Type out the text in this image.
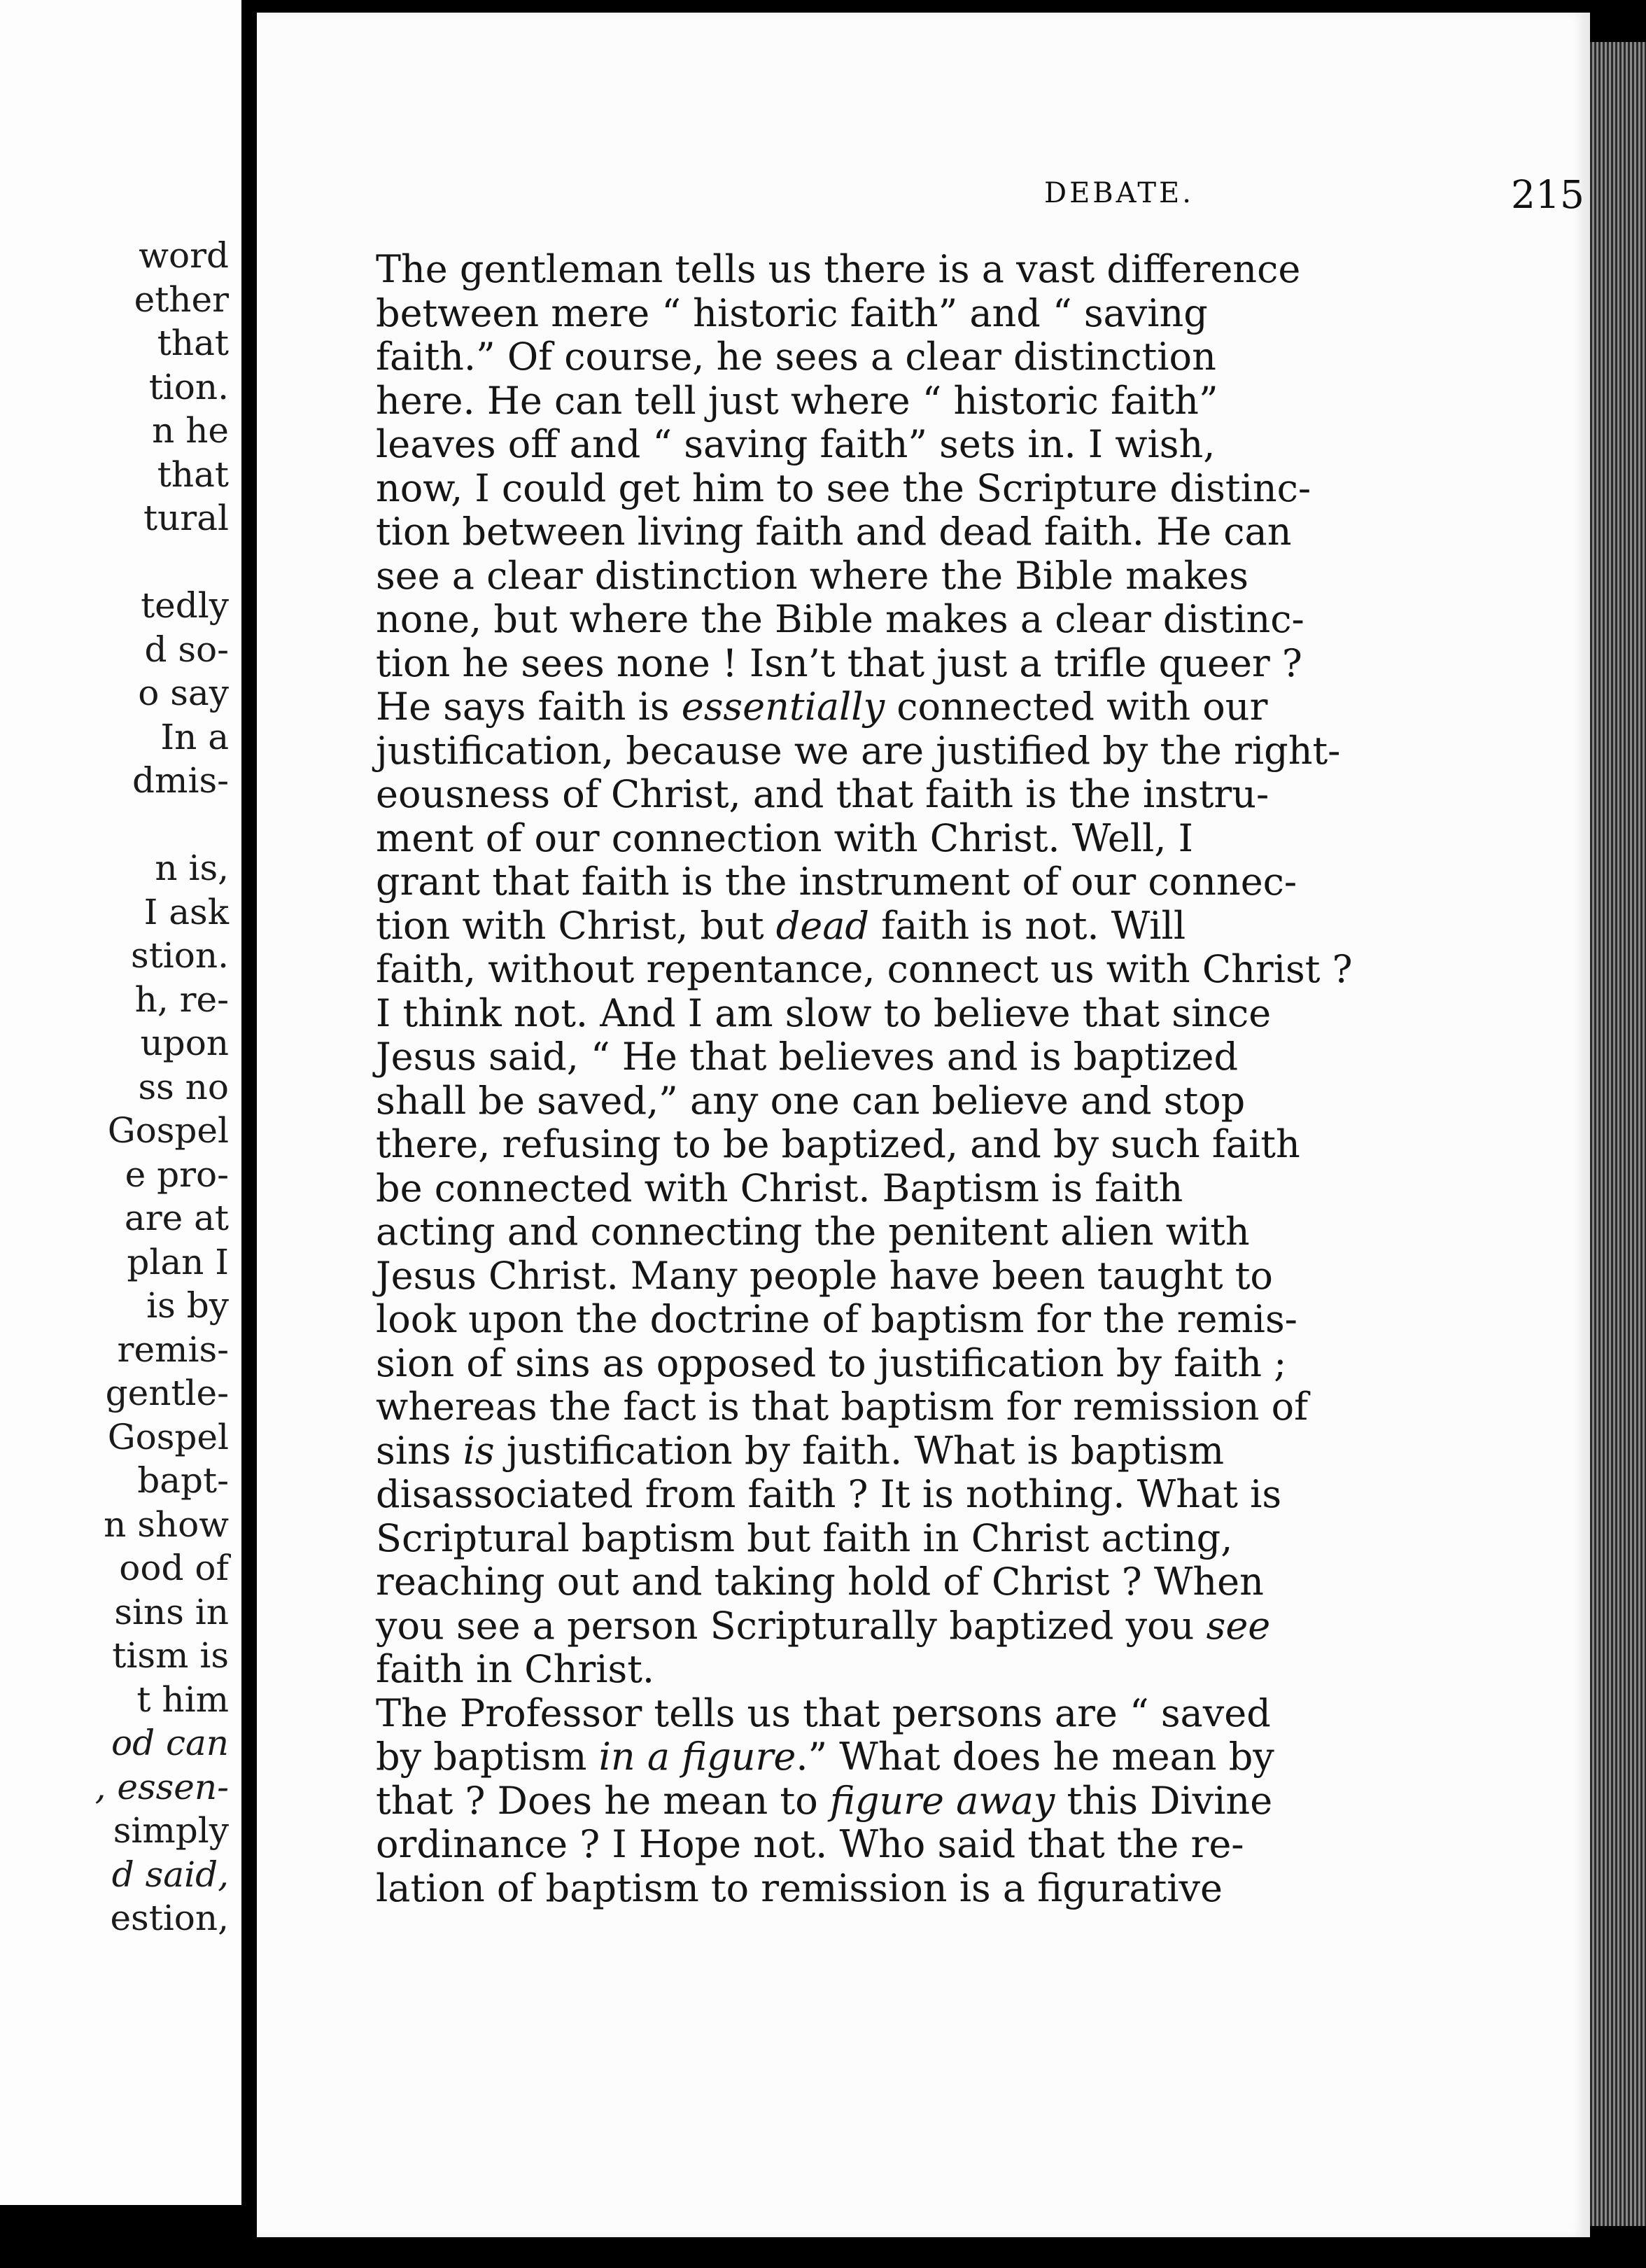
word
ether
that
tion.
n he
that
tural
tedly
d so-
o say
In a
dmis-
n is,
I ask
stion.
h, re-
upon
ss no
Gospel
e pro-
are at
plan I
is by
remis-
gentle-
Gospel
bapt-
n show
ood of
sins in
tism is
t him
od can
, essen-
simply
d said,
estion,
DEBATE.	215
The gentleman tells us there is a vast difference
between mere “ historic faith” and “ saving
faith.” Of course, he sees a clear distinction
here. He can tell just where “ historic faith”
leaves off and “ saving faith” sets in. I wish,
now, I could get him to see the Scripture distinc-
tion between living faith and dead faith. He can
see a clear distinction where the Bible makes
none, but where the Bible makes a clear distinc-
tion he sees none ! Isn’t that just a trifle queer ?
He says faith is essentially connected with our
justification, because we are justified by the right-
eousness of Christ, and that faith is the instru-
ment of our connection with Christ. Well, I
grant that faith is the instrument of our connec-
tion with Christ, but dead faith is not. Will
faith, without repentance, connect us with Christ ?
I think not. And I am slow to believe that since
Jesus said, “ He that believes and is baptized
shall be saved,” any one can believe and stop
there, refusing to be baptized, and by such faith
be connected with Christ. Baptism is faith
acting and connecting the penitent alien with
Jesus Christ. Many people have been taught to
look upon the doctrine of baptism for the remis-
sion of sins as opposed to justification by faith ;
whereas the fact is that baptism for remission of
sins is justification by faith. What is baptism
disassociated from faith ? It is nothing. What is
Scriptural baptism but faith in Christ acting,
reaching out and taking hold of Christ ? When
you see a person Scripturally baptized you see
faith in Christ.
The Professor tells us that persons are “ saved
by baptism in a figure.” What does he mean by
that ? Does he mean to figure away this Divine
ordinance ? I Hope not. Who said that the re-
lation of baptism to remission is a figurative
